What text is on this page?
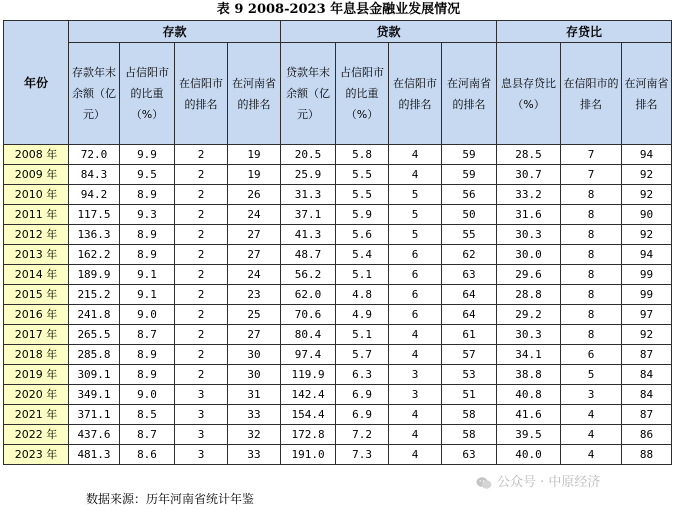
表 9 2008-2023 年息县金融业发展情况
年份	存款				贷款				存贷比		
	存款年末余额（亿元）	占信阳市的比重（%）	在信阳市的排名	在河南省的排名	贷款年末余额（亿元）	占信阳市的比重（%）	在信阳市的排名	在河南省的排名	息县存贷比（%）	在信阳市的排名	在河南省排名
2008 年	72.0	9.9	2	19	20.5	5.8	4	59	28.5	7	94
2009 年	84.3	9.5	2	19	25.9	5.5	4	59	30.7	7	92
2010 年	94.2	8.9	2	26	31.3	5.5	5	56	33.2	8	92
2011 年	117.5	9.3	2	24	37.1	5.9	5	50	31.6	8	90
2012 年	136.3	8.9	2	27	41.3	5.6	5	55	30.3	8	92
2013 年	162.2	8.9	2	27	48.7	5.4	6	62	30.0	8	94
2014 年	189.9	9.1	2	24	56.2	5.1	6	63	29.6	8	99
2015 年	215.2	9.1	2	23	62.0	4.8	6	64	28.8	8	99
2016 年	241.8	9.0	2	25	70.6	4.9	6	64	29.2	8	97
2017 年	265.5	8.7	2	27	80.4	5.1	4	61	30.3	8	92
2018 年	285.8	8.9	2	30	97.4	5.7	4	57	34.1	6	87
2019 年	309.1	8.9	2	30	119.9	6.3	3	53	38.8	5	84
2020 年	349.1	9.0	3	31	142.4	6.9	3	51	40.8	3	84
2021 年	371.1	8.5	3	33	154.4	6.9	4	58	41.6	4	87
2022 年	437.6	8.7	3	32	172.8	7.2	4	58	39.5	4	86
2023 年	481.3	8.6	3	33	191.0	7.3	4	63	40.0	4	88
数据来源：历年河南省统计年鉴
公众号 · 中原经济
